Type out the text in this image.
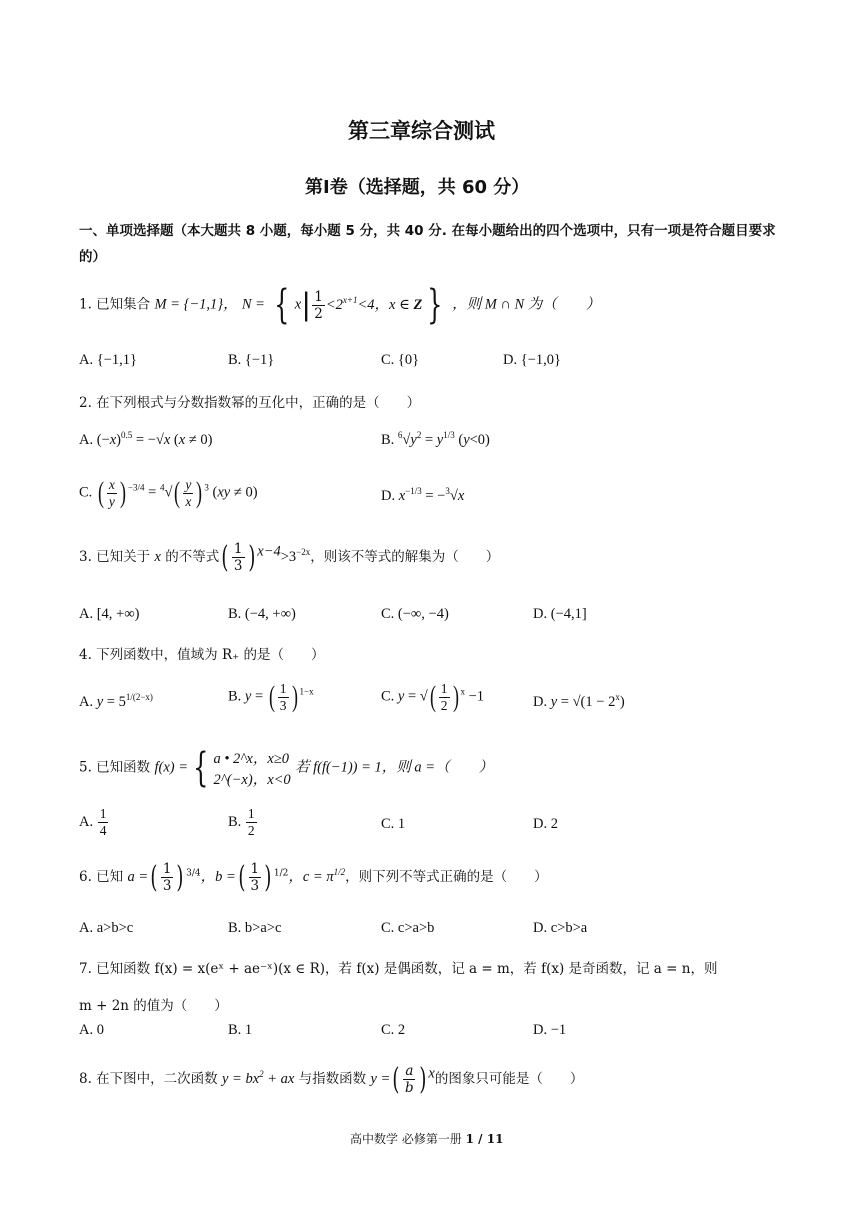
第三章综合测试
第Ⅰ卷（选择题，共 60 分）
一、单项选择题（本大题共 8 小题，每小题 5 分，共 40 分. 在每小题给出的四个选项中，只有一项是符合题目要求的）
1. 已知集合 M = {−1,1}， N = { $x| \frac{1}{2} <2^{x+1}<4$，x ∈ Z } ，则 M ∩ N 为（　　）
A. {−1,1}	B. {−1}	C. {0}	D. {−1,0}
2. 在下列根式与分数指数幂的互化中，正确的是（　　）
A. $(-x)^{0.5} = -√x$ (x ≠ 0)	B. $^6√y^2 = y^{1/3}$ (y<0)
C. ( $\frac{x}{y}$ ) $^{-3/4} = ^4√( \frac{y}{x}$ ) $^3$ (xy ≠ 0)	D. $x^{-1/3} = -^3√x$
3. 已知关于 x 的不等式( $\frac{1}{3}$ ) $^{x-4}>3^{-2x}$，则该不等式的解集为（　　）
A. [4, +∞)	B. (−4, +∞)	C. (−∞, −4)	D. (−4,1]
4. 下列函数中，值域为 R₊ 的是（　　）
A. $y = 5^{1/(2-x)}$	B. y = ( $\frac{1}{3}$ ) $^{1-x}$	C. y = √( $\frac{1}{2}$ ) $^x$ −1	D. $y = √(1 - 2^x)$
5. 已知函数 f(x) = { a • 2^x，x≥0
2^(−x)，x<0
若 f(f(−1)) = 1，则 a =（　　）
A. $\frac{1}{4}$	B. $\frac{1}{2}$	C. 1	D. 2
6. 已知 a =( $\frac{1}{3}$ ) $^{3/4}$，b =( $\frac{1}{3}$ ) $^{1/2}$，$c = \pi^{1/2}$，则下列不等式正确的是（　　）
A. a>b>c	B. b>a>c	C. c>a>b	D. c>b>a
7. 已知函数 f(x) = x(eˣ + ae⁻ˣ)(x ∈ R)，若 f(x) 是偶函数，记 a = m，若 f(x) 是奇函数，记 a = n，则
m + 2n 的值为（　　）
A. 0	B. 1	C. 2	D. −1
8. 在下图中，二次函数 $y = bx^2$ + ax 与指数函数 y =( $\frac{a}{b}$ ) $^x$的图象只可能是（　　）
高中数学 必修第一册 1 / 11
